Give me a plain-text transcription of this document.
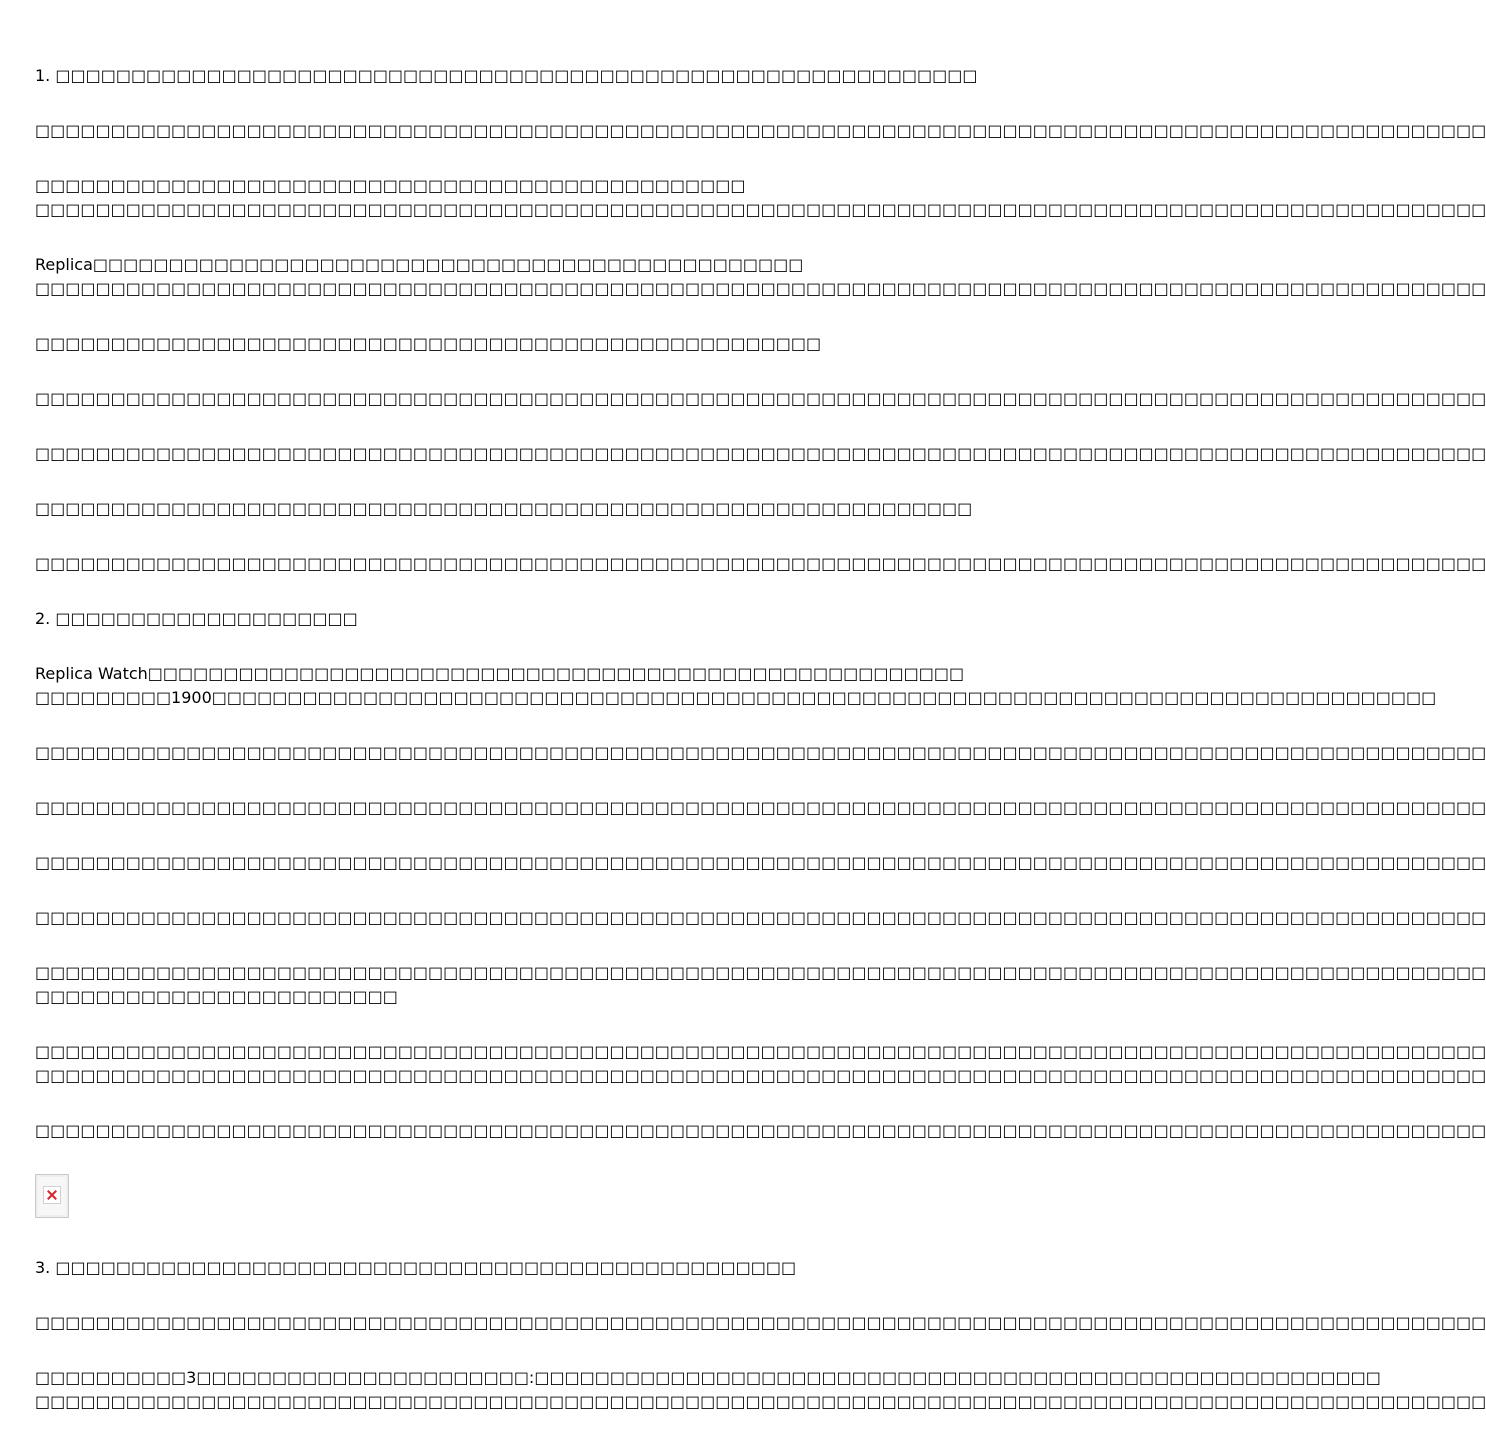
1. □□□□□□□□□□□□□□□□□□□□□□□□□□□□□□□□□□□□□□□□□□□□□□□□□□□□□□□□□□□□□
□□□□□□□□□□□□□□□□□□□□□□□□□□□□□□□□□□□□□□□□□□□□□□□□□□□□□□□□□□□□□□□□□□□□□□□□□□□□□□□□□□□□□□□□□□□□□□□□
□□□□□□□□□□□□□□□□□□□□□□□□□□□□□□□□□□□□□□□□□□□□□□□
□□□□□□□□□□□□□□□□□□□□□□□□□□□□□□□□□□□□□□□□□□□□□□□□□□□□□□□□□□□□□□□□□□□□□□□□□□□□□□□□□□□□□□□□□□□□□□□□
Replica□□□□□□□□□□□□□□□□□□□□□□□□□□□□□□□□□□□□□□□□□□□□□□□
□□□□□□□□□□□□□□□□□□□□□□□□□□□□□□□□□□□□□□□□□□□□□□□□□□□□□□□□□□□□□□□□□□□□□□□□□□□□□□□□□□□□□□□□□□□□□□□□
□□□□□□□□□□□□□□□□□□□□□□□□□□□□□□□□□□□□□□□□□□□□□□□□□□□□
□□□□□□□□□□□□□□□□□□□□□□□□□□□□□□□□□□□□□□□□□□□□□□□□□□□□□□□□□□□□□□□□□□□□□□□□□□□□□□□□□□□□□□□□□□□□□□□□
□□□□□□□□□□□□□□□□□□□□□□□□□□□□□□□□□□□□□□□□□□□□□□□□□□□□□□□□□□□□□□□□□□□□□□□□□□□□□□□□□□□□□□□□□□□□□□□□
□□□□□□□□□□□□□□□□□□□□□□□□□□□□□□□□□□□□□□□□□□□□□□□□□□□□□□□□□□□□□□
□□□□□□□□□□□□□□□□□□□□□□□□□□□□□□□□□□□□□□□□□□□□□□□□□□□□□□□□□□□□□□□□□□□□□□□□□□□□□□□□□□□□□□□□□□□□□□□□
2. □□□□□□□□□□□□□□□□□□□□
Replica Watch□□□□□□□□□□□□□□□□□□□□□□□□□□□□□□□□□□□□□□□□□□□□□□□□□□□□□□
□□□□□□□□□1900□□□□□□□□□□□□□□□□□□□□□□□□□□□□□□□□□□□□□□□□□□□□□□□□□□□□□□□□□□□□□□□□□□□□□□□□□□□□□□□□□
□□□□□□□□□□□□□□□□□□□□□□□□□□□□□□□□□□□□□□□□□□□□□□□□□□□□□□□□□□□□□□□□□□□□□□□□□□□□□□□□□□□□□□□□□□□□□□□□
□□□□□□□□□□□□□□□□□□□□□□□□□□□□□□□□□□□□□□□□□□□□□□□□□□□□□□□□□□□□□□□□□□□□□□□□□□□□□□□□□□□□□□□□□□□□□□□□
□□□□□□□□□□□□□□□□□□□□□□□□□□□□□□□□□□□□□□□□□□□□□□□□□□□□□□□□□□□□□□□□□□□□□□□□□□□□□□□□□□□□□□□□□□□□□□□□
□□□□□□□□□□□□□□□□□□□□□□□□□□□□□□□□□□□□□□□□□□□□□□□□□□□□□□□□□□□□□□□□□□□□□□□□□□□□□□□□□□□□□□□□□□□□□□□□
□□□□□□□□□□□□□□□□□□□□□□□□□□□□□□□□□□□□□□□□□□□□□□□□□□□□□□□□□□□□□□□□□□□□□□□□□□□□□□□□□□□□□□□□□□□□□□□□
□□□□□□□□□□□□□□□□□□□□□□□□
□□□□□□□□□□□□□□□□□□□□□□□□□□□□□□□□□□□□□□□□□□□□□□□□□□□□□□□□□□□□□□□□□□□□□□□□□□□□□□□□□□□□□□□□□□□□□□□□
□□□□□□□□□□□□□□□□□□□□□□□□□□□□□□□□□□□□□□□□□□□□□□□□□□□□□□□□□□□□□□□□□□□□□□□□□□□□□□□□□□□□□□□□□□□□□□□□
□□□□□□□□□□□□□□□□□□□□□□□□□□□□□□□□□□□□□□□□□□□□□□□□□□□□□□□□□□□□□□□□□□□□□□□□□□□□□□□□□□□□□□□□□□□□□□□□
3. □□□□□□□□□□□□□□□□□□□□□□□□□□□□□□□□□□□□□□□□□□□□□□□□□
□□□□□□□□□□□□□□□□□□□□□□□□□□□□□□□□□□□□□□□□□□□□□□□□□□□□□□□□□□□□□□□□□□□□□□□□□□□□□□□□□□□□□□□□□□□□□□□□
□□□□□□□□□□3□□□□□□□□□□□□□□□□□□□□□□:□□□□□□□□□□□□□□□□□□□□□□□□□□□□□□□□□□□□□□□□□□□□□□□□□□□□□□□□
□□□□□□□□□□□□□□□□□□□□□□□□□□□□□□□□□□□□□□□□□□□□□□□□□□□□□□□□□□□□□□□□□□□□□□□□□□□□□□□□□□□□□□□□□□□□□□□□
